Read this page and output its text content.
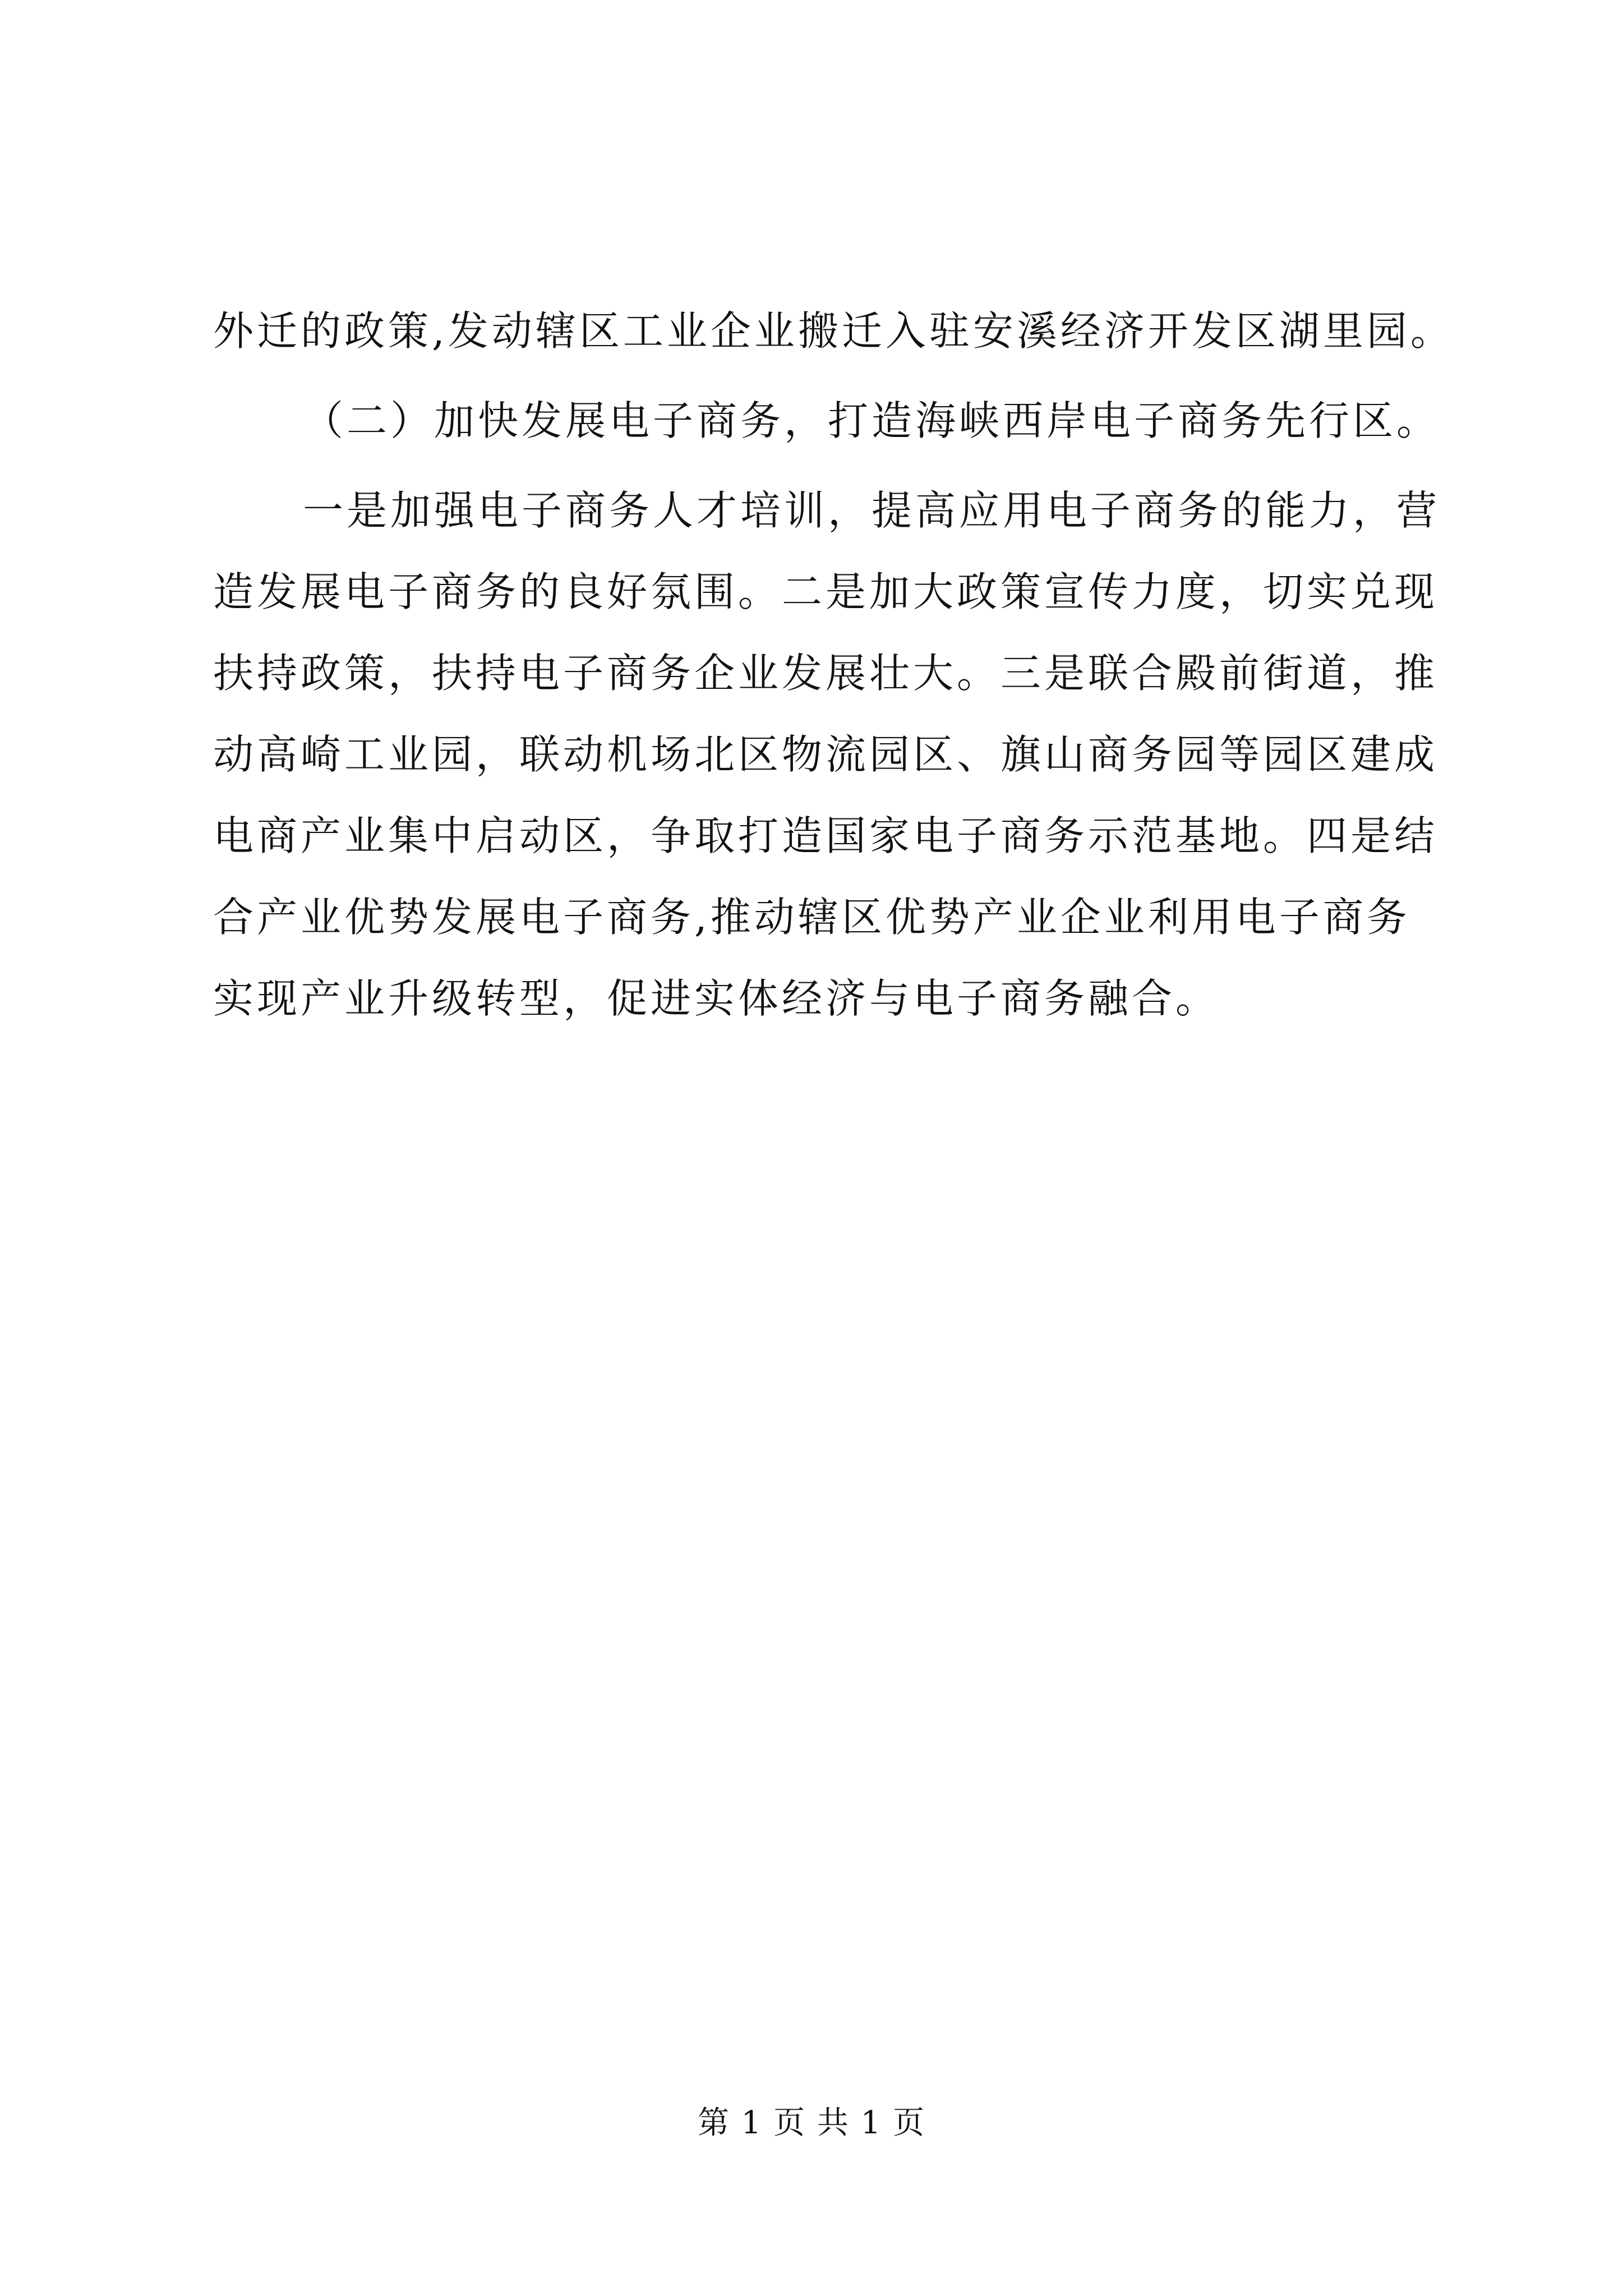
外迁的政策,发动辖区工业企业搬迁入驻安溪经济开发区湖里园。

（二）加快发展电子商务，打造海峡西岸电子商务先行区。

一是加强电子商务人才培训，提高应用电子商务的能力，营

造发展电子商务的良好氛围。二是加大政策宣传力度，切实兑现

扶持政策，扶持电子商务企业发展壮大。三是联合殿前街道，推

动高崎工业园，联动机场北区物流园区、旗山商务园等园区建成

电商产业集中启动区，争取打造国家电子商务示范基地。四是结

合产业优势发展电子商务,推动辖区优势产业企业利用电子商务

实现产业升级转型，促进实体经济与电子商务融合。

第 1 页 共 1 页
